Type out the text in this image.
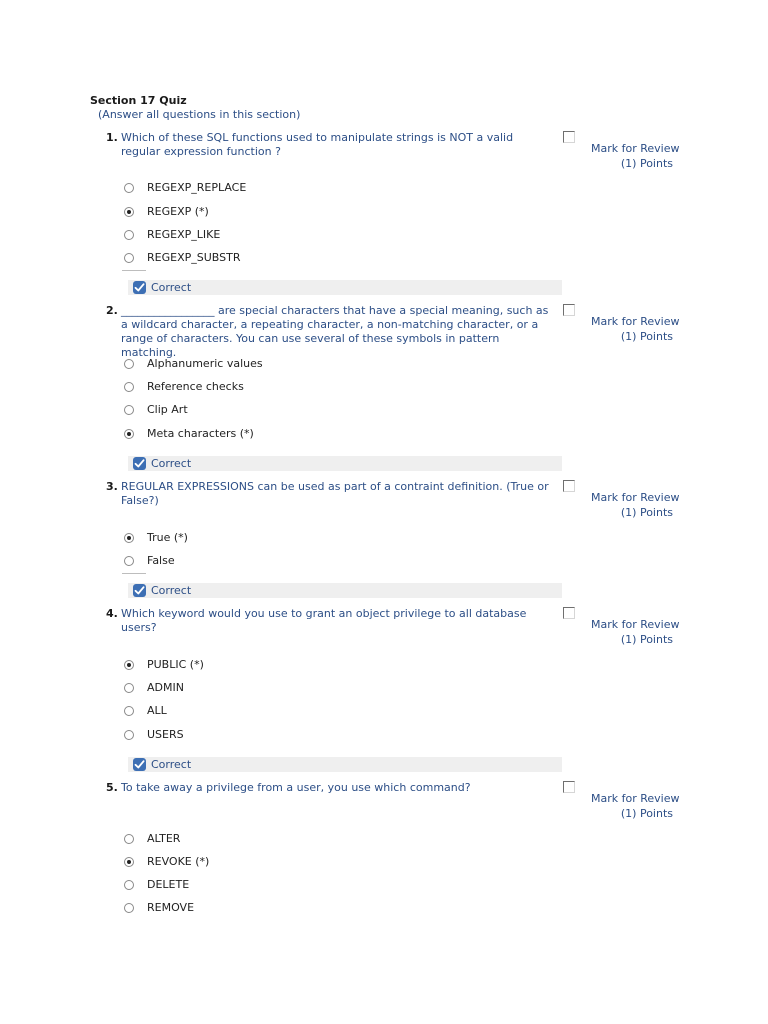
Section 17 Quiz
(Answer all questions in this section)
1. Which of these SQL functions used to manipulate strings is NOT a valid regular expression function ?	Mark for Review
(1) Points
REGEXP_REPLACE
REGEXP (*)
REGEXP_LIKE
REGEXP_SUBSTR
Correct
2. _________________ are special characters that have a special meaning, such as a wildcard character, a repeating character, a non-matching character, or a range of characters. You can use several of these symbols in pattern matching.
Mark for Review
(1) Points
Alphanumeric values
Reference checks
Clip Art
Meta characters (*)
Correct
3. REGULAR EXPRESSIONS can be used as part of a contraint definition. (True or False?)	Mark for Review
(1) Points
True (*)
False
Correct
4. Which keyword would you use to grant an object privilege to all database users?	Mark for Review
(1) Points
PUBLIC (*)
ADMIN
ALL
USERS
Correct
5. To take away a privilege from a user, you use which command?
Mark for Review
(1) Points
ALTER
REVOKE (*)
DELETE
REMOVE
